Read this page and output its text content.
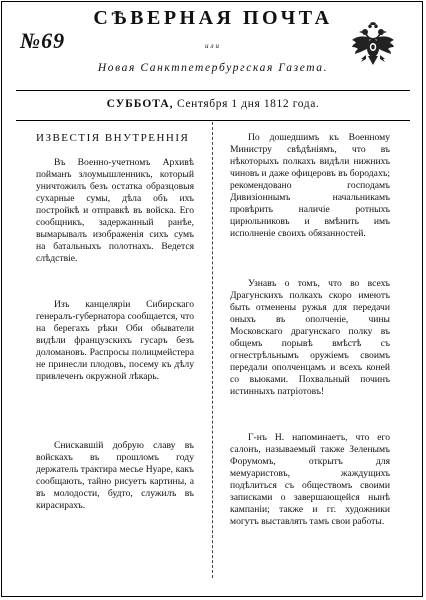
СѢВЕРНАЯ ПОЧТА
№69	или
Новая Санктпетербургская Газета.
СУББОТА, Сентября 1 дня 1812 года.
ИЗВЕСТІЯ ВНУТРЕННІЯ

Въ Военно-учетномъ Архивѣ пойманъ злоумышленникъ, который уничтожилъ безъ остатка образцовыя сухарные сумы, дѣла объ ихъ постройкѣ и отправкѣ въ войска. Его сообщникъ, задержанный ранѣе, вымарывалъ изображенія сихъ сумъ на батальныхъ полотнахъ. Ведется слѣдствіе.

Изъ канцеляріи Сибирскаго генералъ-губернатора сообщается, что на берегахъ рѣки Оби обыватели видѣли французскихъ гусаръ безъ доломановъ. Распросы полицмейстера не принесли плодовъ, посему къ дѣлу привлеченъ окружной лѣкарь.

Снискавшій добрую славу въ войскахъ въ прошломъ году держатель трактира месье Нуаре, какъ сообщають, тайно рисуетъ картины, а въ молодости, будто, служилъ въ кирасирахъ.

По дошедшимъ къ Военному Министру свѣдѣніямъ, что въ нѣкоторыхъ полкахъ видѣли нижнихъ чиновъ и даже офицеровъ въ бородахъ; рекомендовано господамъ Дивизіоннымъ начальникамъ провѣрить наличіе ротныхъ цирюльниковъ и вмѣнить имъ исполненіе своихъ обязанностей.

Узнавъ о томъ, что во всехъ Драгунскихъ полкахъ скоро имеютъ быть отменены ружья для передачи оныхъ въ ополченіе, чины Московскаго драгунскаго полку въ общемъ порывѣ вмѣстѣ съ огнестрѣльнымъ оружіемъ своимъ передали ополченцамъ и всехъ коней со вьюками. Похвальный починъ истинныхъ патріотовъ!

Г-нъ Н. напоминаетъ, что его салонъ, называемый также Зеленымъ Форумомъ, открытъ для мемуаристовъ, жаждущихъ подѣлиться съ обществомъ своими записками о завершающейся нынѣ кампаніи; также и гг. художники могутъ выставлять тамъ свои работы.
